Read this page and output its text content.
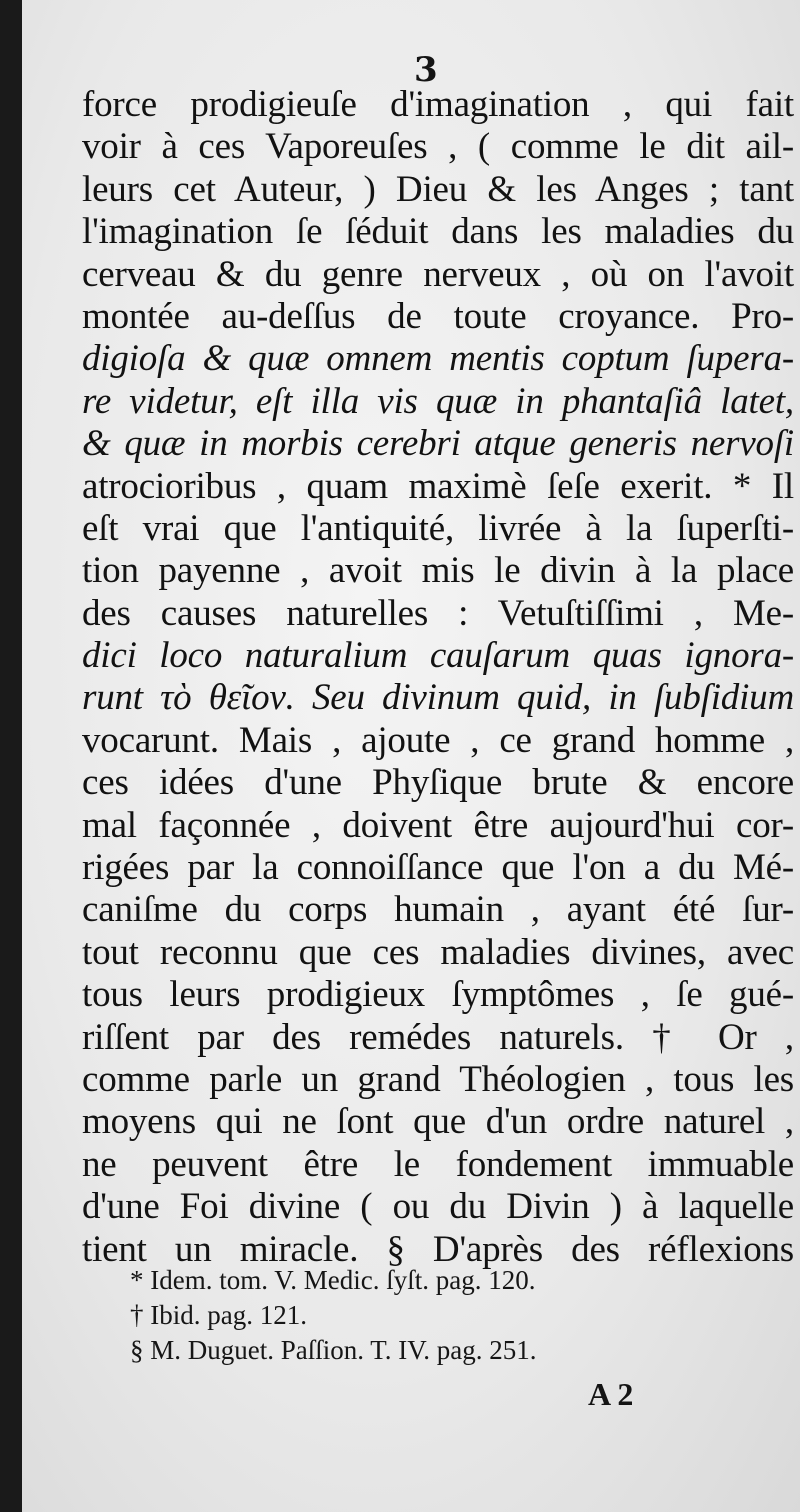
3
force prodigieuſe d'imagination , qui fait
voir à ces Vaporeuſes , ( comme le dit ail-
leurs cet Auteur, ) Dieu & les Anges ; tant
l'imagination ſe ſéduit dans les maladies du
cerveau & du genre nerveux , où on l'avoit
montée au-deſſus de toute croyance. Pro-
digioſa & quæ omnem mentis coptum ſupera-
re videtur, eſt illa vis quæ in phantaſiâ latet,
& quæ in morbis cerebri atque generis nervoſi
atrocioribus , quam maximè ſeſe exerit. * Il
eſt vrai que l'antiquité, livrée à la ſuperſti-
tion payenne , avoit mis le divin à la place
des causes naturelles : Vetuſtiſſimi , Me-
dici loco naturalium cauſarum quas ignora-
runt τὸ θεῖον. Seu divinum quid, in ſubſidium
vocarunt. Mais , ajoute , ce grand homme ,
ces idées d'une Phyſique brute & encore
mal façonnée , doivent être aujourd'hui cor-
rigées par la connoiſſance que l'on a du Mé-
caniſme du corps humain , ayant été ſur-
tout reconnu que ces maladies divines, avec
tous leurs prodigieux ſymptômes , ſe gué-
riſſent par des remédes naturels. † Or ,
comme parle un grand Théologien , tous les
moyens qui ne ſont que d'un ordre naturel ,
ne peuvent être le fondement immuable
d'une Foi divine ( ou du Divin ) à laquelle
tient un miracle. § D'après des réflexions
* Idem. tom. V. Medic. ſyſt. pag. 120.
† Ibid. pag. 121.
§ M. Duguet. Paſſion. T. IV. pag. 251.
A 2
